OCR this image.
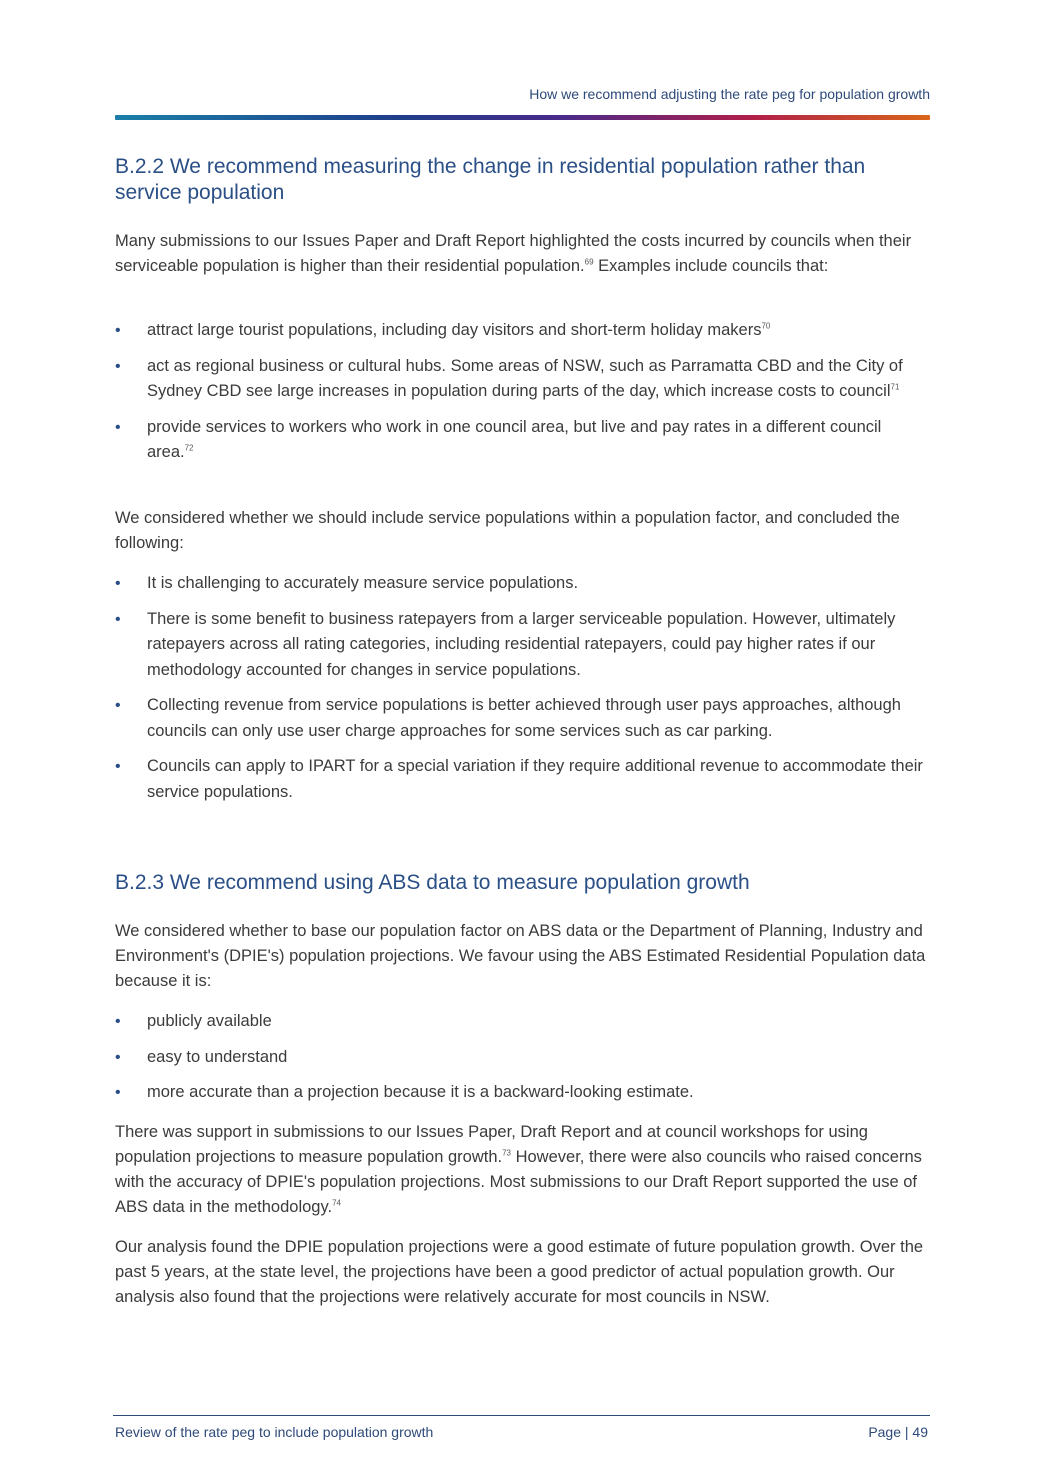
How we recommend adjusting the rate peg for population growth
B.2.2 We recommend measuring the change in residential population rather than service population

Many submissions to our Issues Paper and Draft Report highlighted the costs incurred by councils when their serviceable population is higher than their residential population.$^{69}$ Examples include councils that:

• attract large tourist populations, including day visitors and short-term holiday makers$^{70}$
• act as regional business or cultural hubs. Some areas of NSW, such as Parramatta CBD and the City of Sydney CBD see large increases in population during parts of the day, which increase costs to council$^{71}$
• provide services to workers who work in one council area, but live and pay rates in a different council area.$^{72}$

We considered whether we should include service populations within a population factor, and concluded the following:

• It is challenging to accurately measure service populations.
• There is some benefit to business ratepayers from a larger serviceable population. However, ultimately ratepayers across all rating categories, including residential ratepayers, could pay higher rates if our methodology accounted for changes in service populations.
• Collecting revenue from service populations is better achieved through user pays approaches, although councils can only use user charge approaches for some services such as car parking.
• Councils can apply to IPART for a special variation if they require additional revenue to accommodate their service populations.
B.2.3 We recommend using ABS data to measure population growth

We considered whether to base our population factor on ABS data or the Department of Planning, Industry and Environment's (DPIE's) population projections. We favour using the ABS Estimated Residential Population data because it is:

• publicly available
• easy to understand
• more accurate than a projection because it is a backward-looking estimate.

There was support in submissions to our Issues Paper, Draft Report and at council workshops for using population projections to measure population growth.$^{73}$ However, there were also councils who raised concerns with the accuracy of DPIE's population projections. Most submissions to our Draft Report supported the use of ABS data in the methodology.$^{74}$

Our analysis found the DPIE population projections were a good estimate of future population growth. Over the past 5 years, at the state level, the projections have been a good predictor of actual population growth. Our analysis also found that the projections were relatively accurate for most councils in NSW.

Review of the rate peg to include population growth	Page | 49
